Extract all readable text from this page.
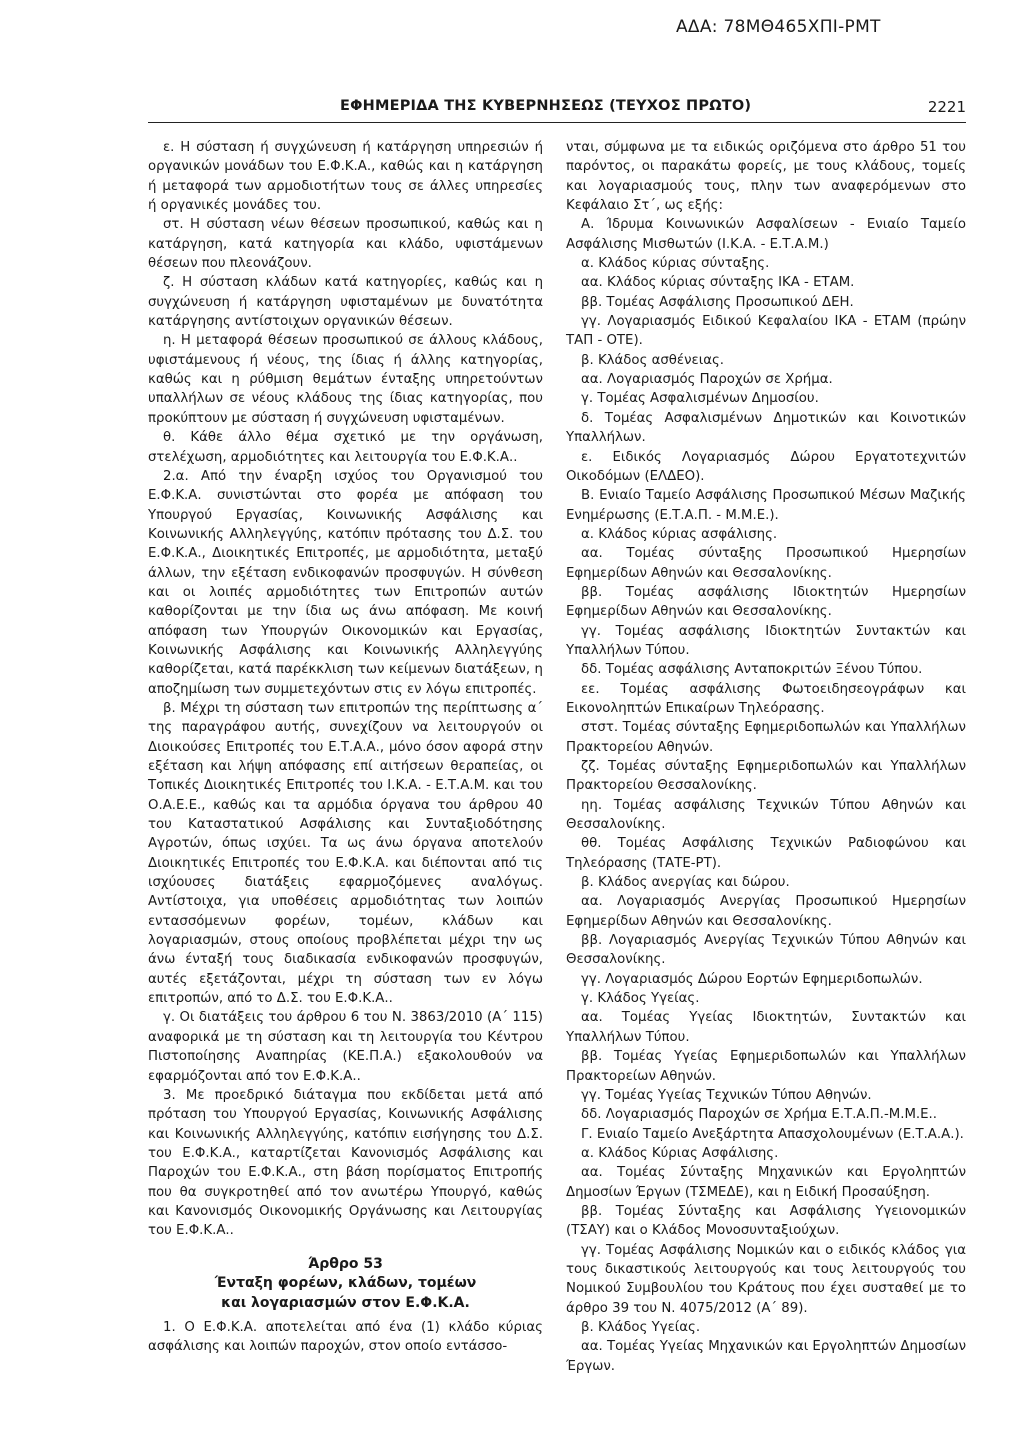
ΑΔΑ: 78ΜΘ465ΧΠΙ-ΡΜΤ
ΕΦΗΜΕΡΙΔΑ ΤΗΣ ΚΥΒΕΡΝΗΣΕΩΣ (ΤΕΥΧΟΣ ΠΡΩΤΟ)	2221

ε. Η σύσταση ή συγχώνευση ή κατάργηση υπηρεσιών ή οργανικών μονάδων του Ε.Φ.Κ.Α., καθώς και η κατάργηση ή μεταφορά των αρμοδιοτήτων τους σε άλλες υπηρεσίες ή οργανικές μονάδες του.

στ. Η σύσταση νέων θέσεων προσωπικού, καθώς και η κατάργηση, κατά κατηγορία και κλάδο, υφιστάμενων θέσεων που πλεονάζουν.

ζ. Η σύσταση κλάδων κατά κατηγορίες, καθώς και η συγχώνευση ή κατάργηση υφισταμένων με δυνατότητα κατάργησης αντίστοιχων οργανικών θέσεων.

η. Η μεταφορά θέσεων προσωπικού σε άλλους κλάδους, υφιστάμενους ή νέους, της ίδιας ή άλλης κατηγορίας, καθώς και η ρύθμιση θεμάτων ένταξης υπηρετούντων υπαλλήλων σε νέους κλάδους της ίδιας κατηγορίας, που προκύπτουν με σύσταση ή συγχώνευση υφισταμένων.

θ. Κάθε άλλο θέμα σχετικό με την οργάνωση, στελέχωση, αρμοδιότητες και λειτουργία του Ε.Φ.Κ.Α..

2.α. Από την έναρξη ισχύος του Οργανισμού του Ε.Φ.Κ.Α. συνιστώνται στο φορέα με απόφαση του Υπουργού Εργασίας, Κοινωνικής Ασφάλισης και Κοινωνικής Αλληλεγγύης, κατόπιν πρότασης του Δ.Σ. του Ε.Φ.Κ.Α., Διοικητικές Επιτροπές, με αρμοδιότητα, μεταξύ άλλων, την εξέταση ενδικοφανών προσφυγών. Η σύνθεση και οι λοιπές αρμοδιότητες των Επιτροπών αυτών καθορίζονται με την ίδια ως άνω απόφαση. Με κοινή απόφαση των Υπουργών Οικονομικών και Εργασίας, Κοινωνικής Ασφάλισης και Κοινωνικής Αλληλεγγύης καθορίζεται, κατά παρέκκλιση των κείμενων διατάξεων, η αποζημίωση των συμμετεχόντων στις εν λόγω επιτροπές.

β. Μέχρι τη σύσταση των επιτροπών της περίπτωσης α΄ της παραγράφου αυτής, συνεχίζουν να λειτουργούν οι Διοικούσες Επιτροπές του Ε.Τ.Α.Α., μόνο όσον αφορά στην εξέταση και λήψη απόφασης επί αιτήσεων θεραπείας, οι Τοπικές Διοικητικές Επιτροπές του Ι.Κ.Α. - Ε.Τ.Α.Μ. και του Ο.Α.Ε.Ε., καθώς και τα αρμόδια όργανα του άρθρου 40 του Καταστατικού Ασφάλισης και Συνταξιοδότησης Αγροτών, όπως ισχύει. Τα ως άνω όργανα αποτελούν Διοικητικές Επιτροπές του Ε.Φ.Κ.Α. και διέπονται από τις ισχύουσες διατάξεις εφαρμοζόμενες αναλόγως. Αντίστοιχα, για υποθέσεις αρμοδιότητας των λοιπών εντασσόμενων φορέων, τομέων, κλάδων και λογαριασμών, στους οποίους προβλέπεται μέχρι την ως άνω ένταξή τους διαδικασία ενδικοφανών προσφυγών, αυτές εξετάζονται, μέχρι τη σύσταση των εν λόγω επιτροπών, από το Δ.Σ. του Ε.Φ.Κ.Α..

γ. Οι διατάξεις του άρθρου 6 του Ν. 3863/2010 (Α΄ 115) αναφορικά με τη σύσταση και τη λειτουργία του Κέντρου Πιστοποίησης Αναπηρίας (ΚΕ.Π.Α.) εξακολουθούν να εφαρμόζονται από τον Ε.Φ.Κ.Α..

3. Με προεδρικό διάταγμα που εκδίδεται μετά από πρόταση του Υπουργού Εργασίας, Κοινωνικής Ασφάλισης και Κοινωνικής Αλληλεγγύης, κατόπιν εισήγησης του Δ.Σ. του Ε.Φ.Κ.Α., καταρτίζεται Κανονισμός Ασφάλισης και Παροχών του Ε.Φ.Κ.Α., στη βάση πορίσματος Επιτροπής που θα συγκροτηθεί από τον ανωτέρω Υπουργό, καθώς και Κανονισμός Οικονομικής Οργάνωσης και Λειτουργίας του Ε.Φ.Κ.Α..

Άρθρο 53
Ένταξη φορέων, κλάδων, τομέων
και λογαριασμών στον Ε.Φ.Κ.Α.

1. Ο Ε.Φ.Κ.Α. αποτελείται από ένα (1) κλάδο κύριας ασφάλισης και λοιπών παροχών, στον οποίο εντάσσο-

νται, σύμφωνα με τα ειδικώς οριζόμενα στο άρθρο 51 του παρόντος, οι παρακάτω φορείς, με τους κλάδους, τομείς και λογαριασμούς τους, πλην των αναφερόμενων στο Κεφάλαιο Στ΄, ως εξής:

Α. Ίδρυμα Κοινωνικών Ασφαλίσεων - Ενιαίο Ταμείο Ασφάλισης Μισθωτών (Ι.Κ.Α. - Ε.Τ.Α.Μ.)

α. Κλάδος κύριας σύνταξης.

αα. Κλάδος κύριας σύνταξης ΙΚΑ - ΕΤΑΜ.

ββ. Τομέας Ασφάλισης Προσωπικού ΔΕΗ.

γγ. Λογαριασμός Ειδικού Κεφαλαίου ΙΚΑ - ΕΤΑΜ (πρώην ΤΑΠ - ΟΤΕ).

β. Κλάδος ασθένειας.

αα. Λογαριασμός Παροχών σε Χρήμα.

γ. Τομέας Ασφαλισμένων Δημοσίου.

δ. Τομέας Ασφαλισμένων Δημοτικών και Κοινοτικών Υπαλλήλων.

ε. Ειδικός Λογαριασμός Δώρου Εργατοτεχνιτών Οικοδόμων (ΕΛΔΕΟ).

Β. Ενιαίο Ταμείο Ασφάλισης Προσωπικού Μέσων Μαζικής Ενημέρωσης (Ε.Τ.Α.Π. - Μ.Μ.Ε.).

α. Κλάδος κύριας ασφάλισης.

αα. Τομέας σύνταξης Προσωπικού Ημερησίων Εφημερίδων Αθηνών και Θεσσαλονίκης.

ββ. Τομέας ασφάλισης Ιδιοκτητών Ημερησίων Εφημερίδων Αθηνών και Θεσσαλονίκης.

γγ. Τομέας ασφάλισης Ιδιοκτητών Συντακτών και Υπαλλήλων Τύπου.

δδ. Τομέας ασφάλισης Ανταποκριτών Ξένου Τύπου.

εε. Τομέας ασφάλισης Φωτοειδησεογράφων και Εικονοληπτών Επικαίρων Τηλεόρασης.

στστ. Τομέας σύνταξης Εφημεριδοπωλών και Υπαλλήλων Πρακτορείου Αθηνών.

ζζ. Τομέας σύνταξης Εφημεριδοπωλών και Υπαλλήλων Πρακτορείου Θεσσαλονίκης.

ηη. Τομέας ασφάλισης Τεχνικών Τύπου Αθηνών και Θεσσαλονίκης.

θθ. Τομέας Ασφάλισης Τεχνικών Ραδιοφώνου και Τηλεόρασης (ΤΑΤΕ-ΡΤ).

β. Κλάδος ανεργίας και δώρου.

αα. Λογαριασμός Ανεργίας Προσωπικού Ημερησίων Εφημερίδων Αθηνών και Θεσσαλονίκης.

ββ. Λογαριασμός Ανεργίας Τεχνικών Τύπου Αθηνών και Θεσσαλονίκης.

γγ. Λογαριασμός Δώρου Εορτών Εφημεριδοπωλών.

γ. Κλάδος Υγείας.

αα. Τομέας Υγείας Ιδιοκτητών, Συντακτών και Υπαλλήλων Τύπου.

ββ. Τομέας Υγείας Εφημεριδοπωλών και Υπαλλήλων Πρακτορείων Αθηνών.

γγ. Τομέας Υγείας Τεχνικών Τύπου Αθηνών.

δδ. Λογαριασμός Παροχών σε Χρήμα Ε.Τ.Α.Π.-Μ.Μ.Ε..

Γ. Ενιαίο Ταμείο Ανεξάρτητα Απασχολουμένων (Ε.Τ.Α.Α.).

α. Κλάδος Κύριας Ασφάλισης.

αα. Τομέας Σύνταξης Μηχανικών και Εργοληπτών Δημοσίων Έργων (ΤΣΜΕΔΕ), και η Ειδική Προσαύξηση.

ββ. Τομέας Σύνταξης και Ασφάλισης Υγειονομικών (ΤΣΑΥ) και ο Κλάδος Μονοσυνταξιούχων.

γγ. Τομέας Ασφάλισης Νομικών και ο ειδικός κλάδος για τους δικαστικούς λειτουργούς και τους λειτουργούς του Νομικού Συμβουλίου του Κράτους που έχει συσταθεί με το άρθρο 39 του Ν. 4075/2012 (Α΄ 89).

β. Κλάδος Υγείας.

αα. Τομέας Υγείας Μηχανικών και Εργοληπτών Δημοσίων Έργων.
